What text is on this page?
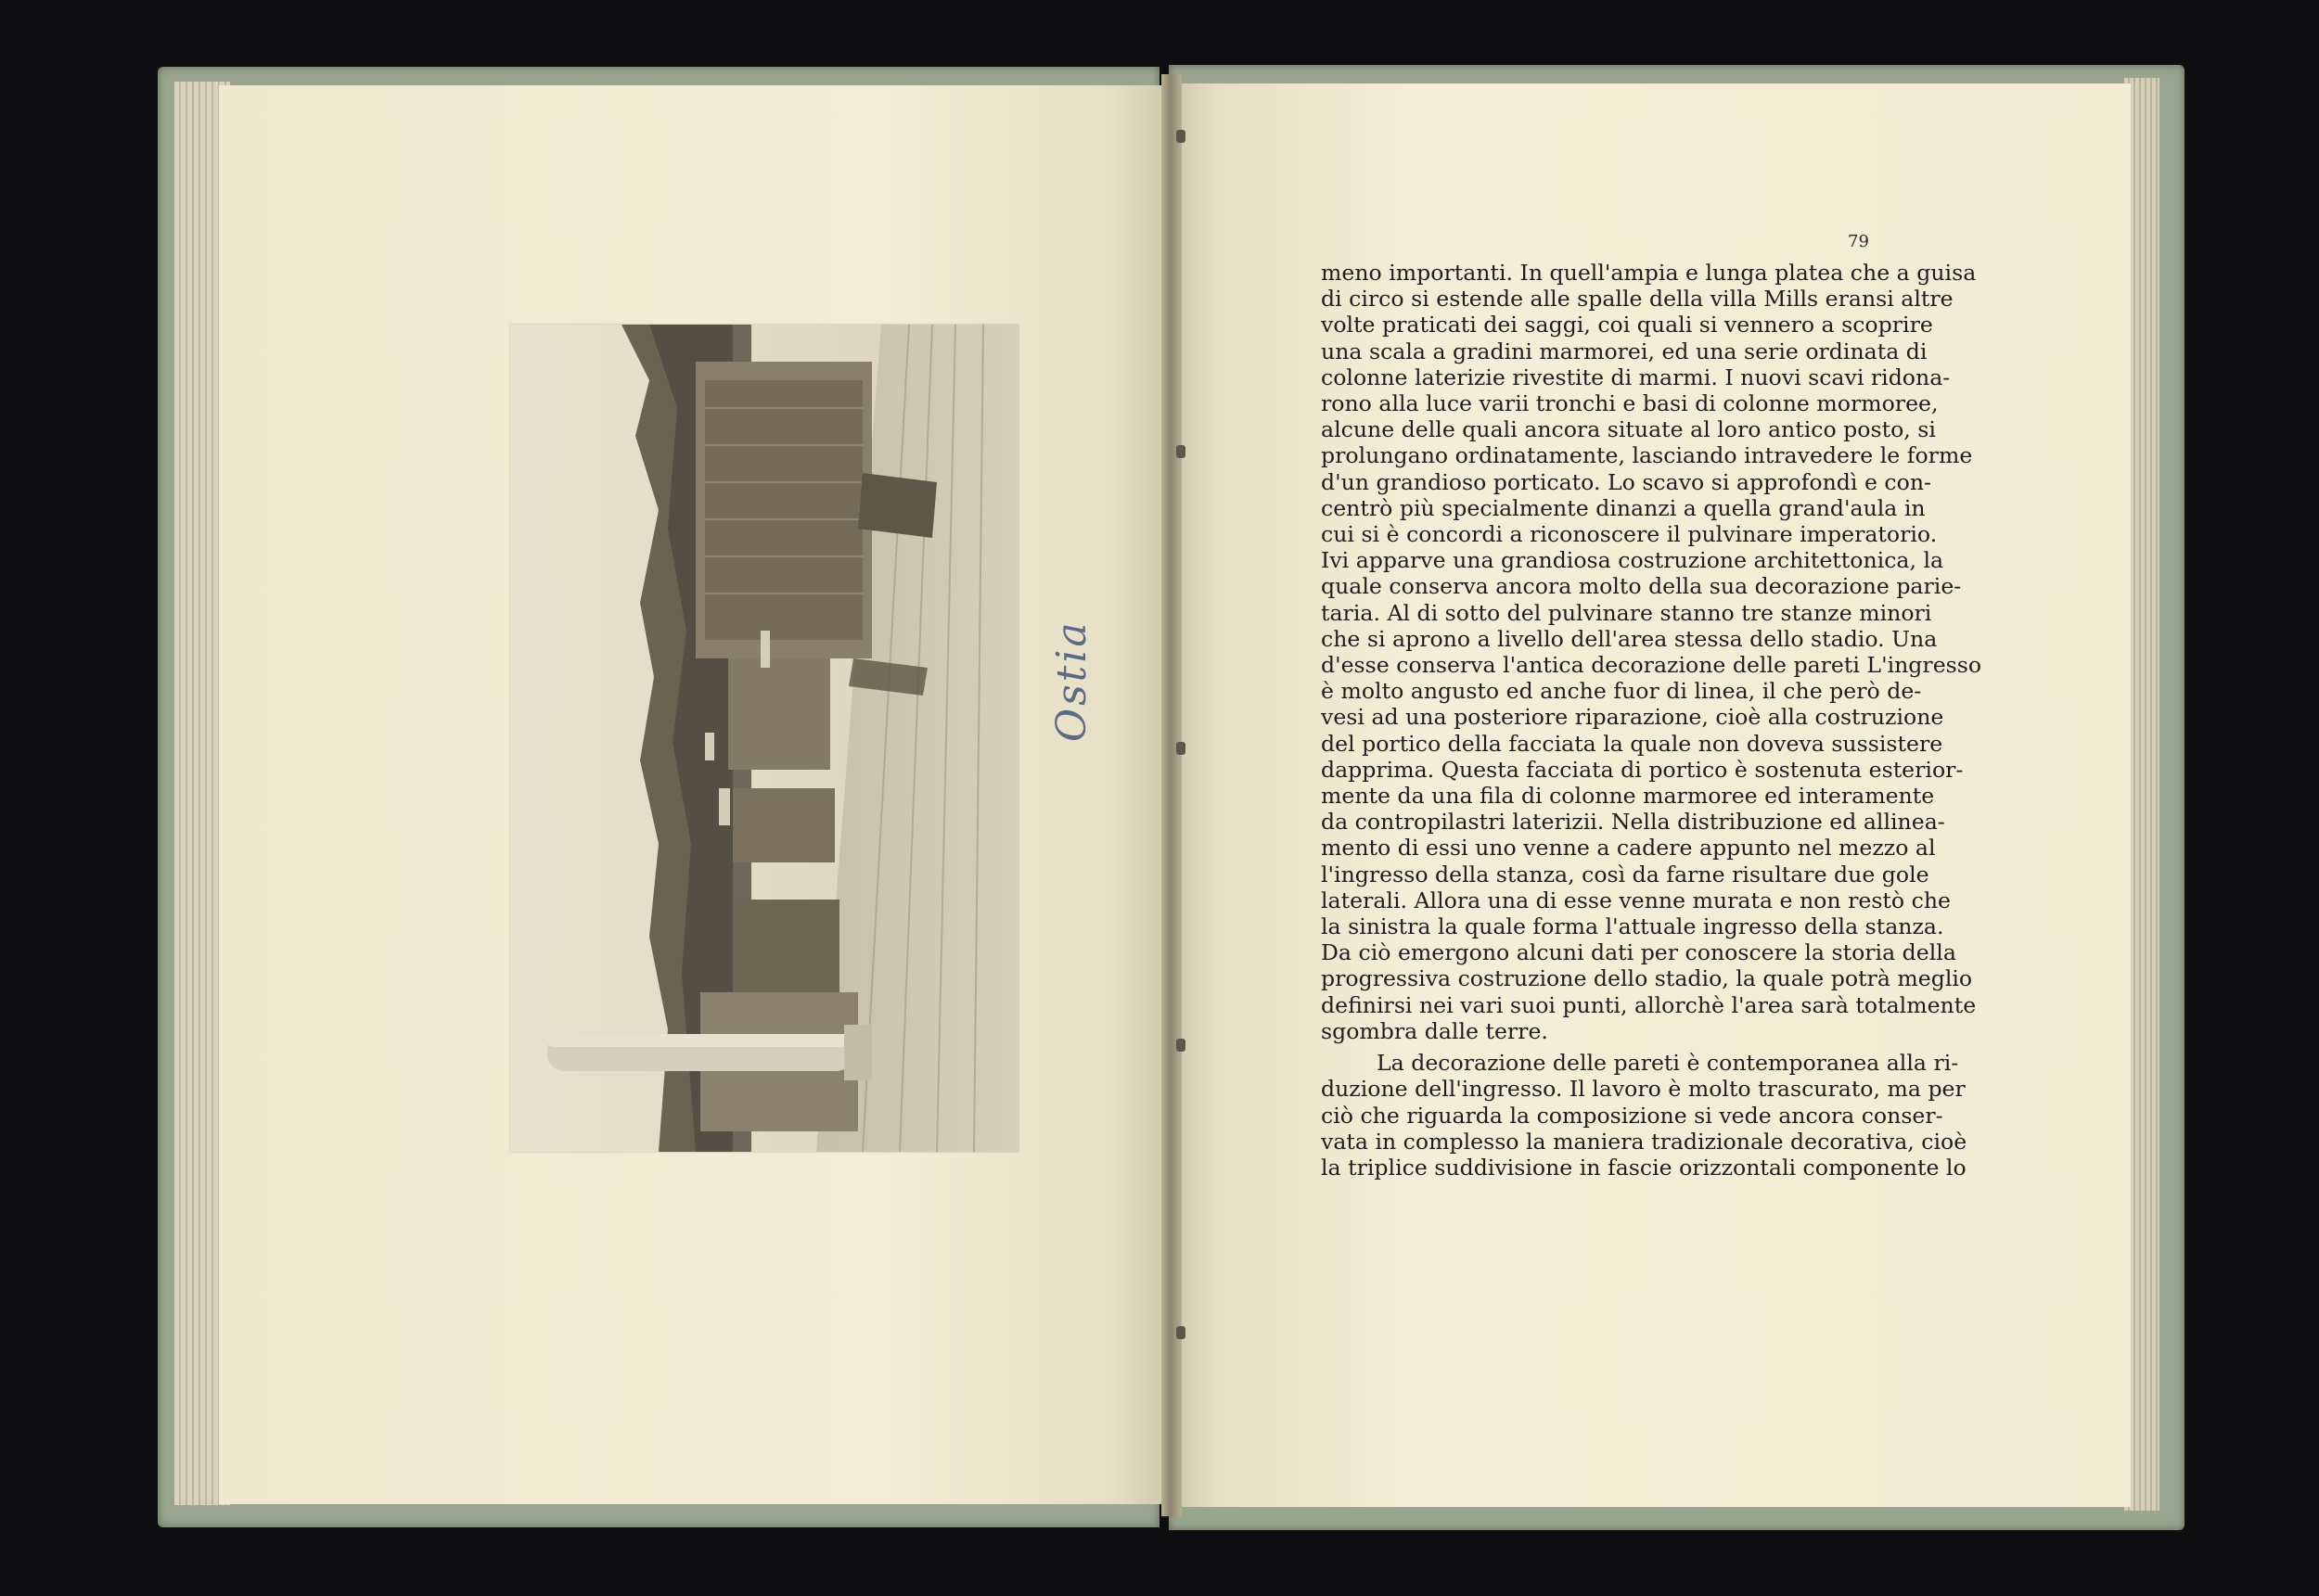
Ostia
79
meno importanti. In quell'ampia e lunga platea che a guisa
di circo si estende alle spalle della villa Mills eransi altre
volte praticati dei saggi, coi quali si vennero a scoprire
una scala a gradini marmorei, ed una serie ordinata di
colonne laterizie rivestite di marmi. I nuovi scavi ridona-
rono alla luce varii tronchi e basi di colonne mormoree,
alcune delle quali ancora situate al loro antico posto, si
prolungano ordinatamente, lasciando intravedere le forme
d'un grandioso porticato. Lo scavo si approfondì e con-
centrò più specialmente dinanzi a quella grand'aula in
cui si è concordi a riconoscere il pulvinare imperatorio.
Ivi apparve una grandiosa costruzione architettonica, la
quale conserva ancora molto della sua decorazione parie-
taria. Al di sotto del pulvinare stanno tre stanze minori
che si aprono a livello dell'area stessa dello stadio. Una
d'esse conserva l'antica decorazione delle pareti L'ingresso
è molto angusto ed anche fuor di linea, il che però de-
vesi ad una posteriore riparazione, cioè alla costruzione
del portico della facciata la quale non doveva sussistere
dapprima. Questa facciata di portico è sostenuta esterior-
mente da una fila di colonne marmoree ed interamente
da contropilastri laterizii. Nella distribuzione ed allinea-
mento di essi uno venne a cadere appunto nel mezzo al
l'ingresso della stanza, così da farne risultare due gole
laterali. Allora una di esse venne murata e non restò che
la sinistra la quale forma l'attuale ingresso della stanza.
Da ciò emergono alcuni dati per conoscere la storia della
progressiva costruzione dello stadio, la quale potrà meglio
definirsi nei vari suoi punti, allorchè l'area sarà totalmente
sgombra dalle terre.
La decorazione delle pareti è contemporanea alla ri-
duzione dell'ingresso. Il lavoro è molto trascurato, ma per
ciò che riguarda la composizione si vede ancora conser-
vata in complesso la maniera tradizionale decorativa, cioè
la triplice suddivisione in fascie orizzontali componente lo
